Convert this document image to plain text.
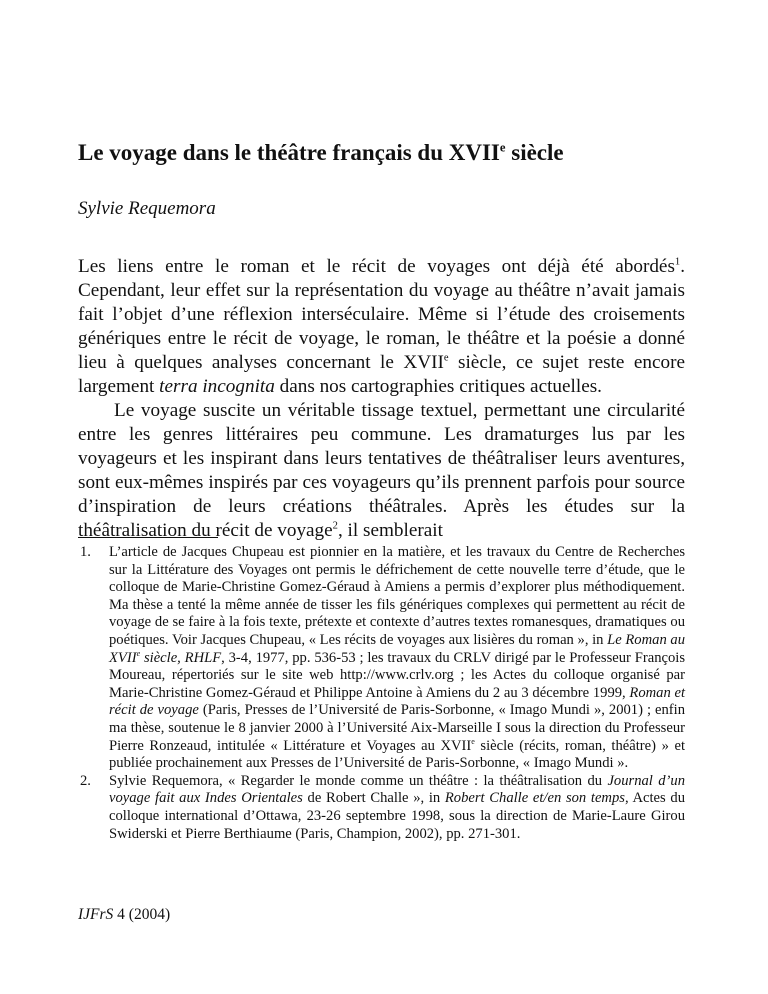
Le voyage dans le théâtre français du XVIIe siècle

Sylvie Requemora

Les liens entre le roman et le récit de voyages ont déjà été abordés$^1$. Cependant, leur effet sur la représentation du voyage au théâtre n’avait jamais fait l’objet d’une réflexion interséculaire. Même si l’étude des croisements génériques entre le récit de voyage, le roman, le théâtre et la poésie a donné lieu à quelques analyses concernant le XVIIe siècle, ce sujet reste encore largement terra incognita dans nos cartographies critiques actuelles.

Le voyage suscite un véritable tissage textuel, permettant une circularité entre les genres littéraires peu commune. Les dramaturges lus par les voyageurs et les inspirant dans leurs tentatives de théâtraliser leurs aventures, sont eux-mêmes inspirés par ces voyageurs qu’ils prennent parfois pour source d’inspiration de leurs créations théâtrales. Après les études sur la théâtralisation du récit de voyage$^2$, il semblerait

1. L’article de Jacques Chupeau est pionnier en la matière, et les travaux du Centre de Recherches sur la Littérature des Voyages ont permis le défrichement de cette nouvelle terre d’étude, que le colloque de Marie-Christine Gomez-Géraud à Amiens a permis d’explorer plus méthodiquement. Ma thèse a tenté la même année de tisser les fils génériques complexes qui permettent au récit de voyage de se faire à la fois texte, prétexte et contexte d’autres textes romanesques, dramatiques ou poétiques. Voir Jacques Chupeau, « Les récits de voyages aux lisières du roman », in Le Roman au XVIIe siècle, RHLF, 3-4, 1977, pp. 536-53 ; les travaux du CRLV dirigé par le Professeur François Moureau, répertoriés sur le site web http://www.crlv.org ; les Actes du colloque organisé par Marie-Christine Gomez-Géraud et Philippe Antoine à Amiens du 2 au 3 décembre 1999, Roman et récit de voyage (Paris, Presses de l’Université de Paris-Sorbonne, « Imago Mundi », 2001) ; enfin ma thèse, soutenue le 8 janvier 2000 à l’Université Aix-Marseille I sous la direction du Professeur Pierre Ronzeaud, intitulée « Littérature et Voyages au XVIIe siècle (récits, roman, théâtre) » et publiée prochainement aux Presses de l’Université de Paris-Sorbonne, « Imago Mundi ».

2. Sylvie Requemora, « Regarder le monde comme un théâtre : la théâtralisation du Journal d’un voyage fait aux Indes Orientales de Robert Challe », in Robert Challe et/en son temps, Actes du colloque international d’Ottawa, 23-26 septembre 1998, sous la direction de Marie-Laure Girou Swiderski et Pierre Berthiaume (Paris, Champion, 2002), pp. 271-301.

IJFrS 4 (2004)
